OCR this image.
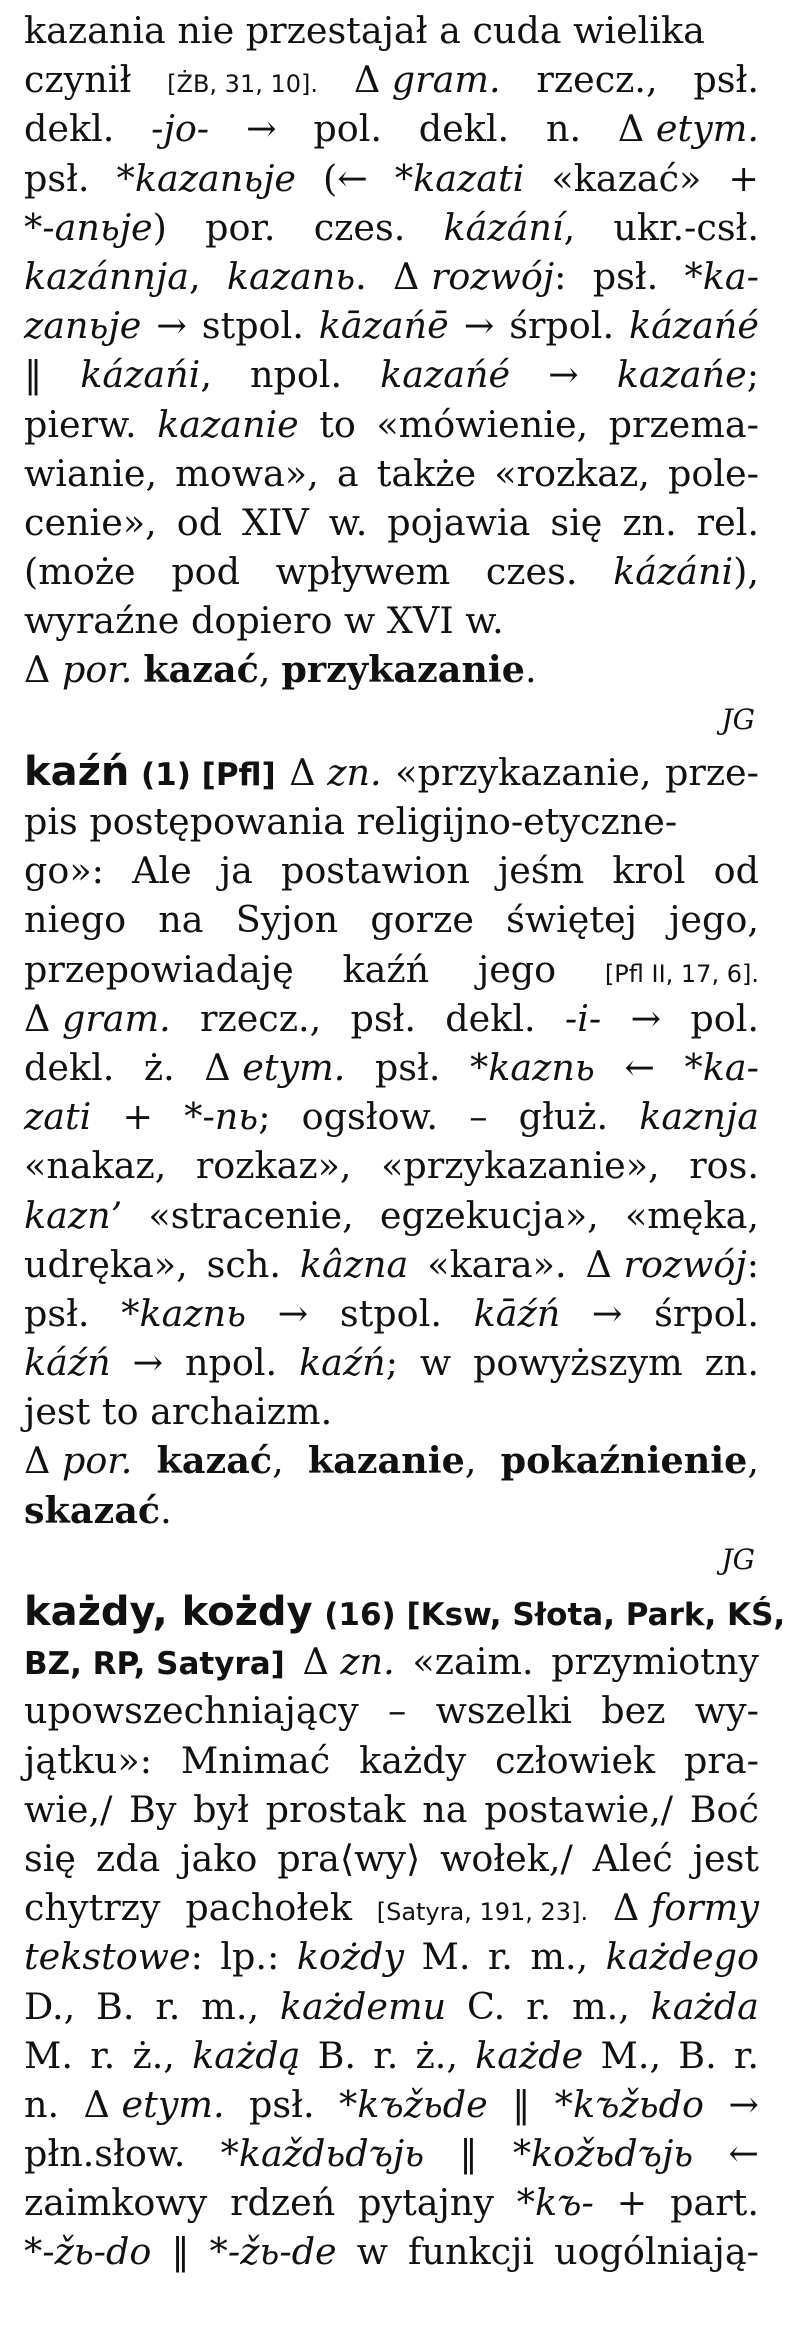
kazania nie przestajał a cuda wielika
czynił [ŻB, 31, 10]. Δ gram. rzecz., psł.
dekl. -jo- → pol. dekl. n. Δ etym.
psł. *kazanьje (← *kazati «kazać» +
*-anьje) por. czes. kázání, ukr.-csł.
kazánnja, kazanь. Δ rozwój: psł. *ka-
zanьje → stpol. kāzańē → śrpol. kázańé
‖ kázańi, npol. kazańé → kazańe;
pierw. kazanie to «mówienie, przema-
wianie, mowa», a także «rozkaz, pole-
cenie», od XIV w. pojawia się zn. rel.
(może pod wpływem czes. kázáni),
wyraźne dopiero w XVI w.
Δ por. kazać, przykazanie.
JG
kaźń (1) [Pfl] Δ zn. «przykazanie, prze-
pis postępowania religijno-etyczne-
go»: Ale ja postawion jeśm krol od
niego na Syjon gorze świętej jego,
przepowiadaję kaźń jego [Pfl II, 17, 6].
Δ gram. rzecz., psł. dekl. -i- → pol.
dekl. ż. Δ etym. psł. *kaznь ← *ka-
zati + *-nь; ogsłow. – głuż. kaznja
«nakaz, rozkaz», «przykazanie», ros.
kazn’ «stracenie, egzekucja», «męka,
udręka», sch. kâzna «kara». Δ rozwój:
psł. *kaznь → stpol. kāźń → śrpol.
káźń → npol. kaźń; w powyższym zn.
jest to archaizm.
Δ por. kazać, kazanie, pokaźnienie,
skazać.
JG
każdy, kożdy (16) [Ksw, Słota, Park, KŚ,
BZ, RP, Satyra] Δ zn. «zaim. przymiotny
upowszechniający – wszelki bez wy-
jątku»: Mnimać każdy człowiek pra-
wie,/ By był prostak na postawie,/ Boć
się zda jako pra⟨wy⟩ wołek,/ Aleć jest
chytrzy pachołek [Satyra, 191, 23]. Δ formy
tekstowe: lp.: kożdy M. r. m., każdego
D., B. r. m., każdemu C. r. m., każda
M. r. ż., każdą B. r. ż., każde M., B. r.
n. Δ etym. psł. *kъžьde ‖ *kъžьdo →
płn.słow. *každьdъjь ‖ *kožьdъjь ←
zaimkowy rdzeń pytajny *kъ- + part.
*-žь-do ‖ *-žь-de w funkcji uogólniają-
